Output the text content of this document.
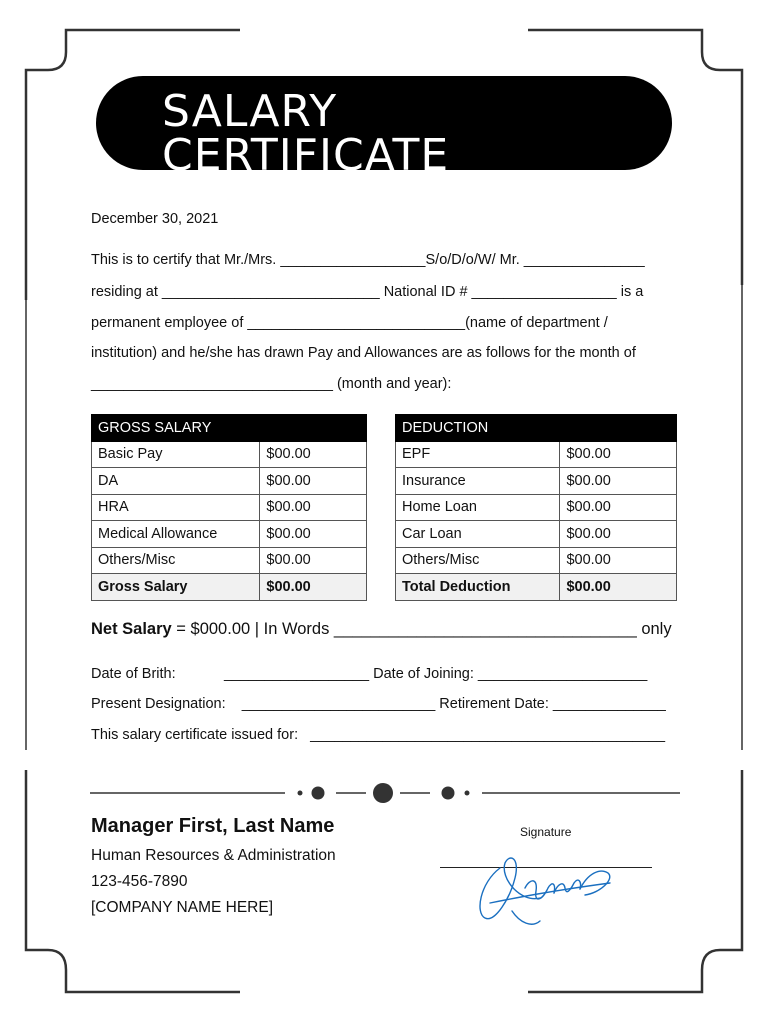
SALARY
CERTIFICATE
December 30, 2021
This is to certify that Mr./Mrs. __________________S/o/D/o/W/ Mr. _______________
residing at ___________________________ National ID # __________________ is a
permanent employee of ___________________________(name of department /
institution) and he/she has drawn Pay and Allowances are as follows for the month of
______________________________ (month and year):
GROSS SALARY	
Basic Pay	$00.00
DA	$00.00
HRA	$00.00
Medical Allowance	$00.00
Others/Misc	$00.00
Gross Salary	$00.00
DEDUCTION	
EPF	$00.00
Insurance	$00.00
Home Loan	$00.00
Car Loan	$00.00
Others/Misc	$00.00
Total Deduction	$00.00
Net Salary = $000.00 | In Words _________________________________ only
Date of Brith:            __________________ Date of Joining: _____________________
Present Designation:    ________________________ Retirement Date: ______________
This salary certificate issued for:   ____________________________________________
Manager First, Last Name
Human Resources & Administration
123-456-7890
[COMPANY NAME HERE]
Signature
